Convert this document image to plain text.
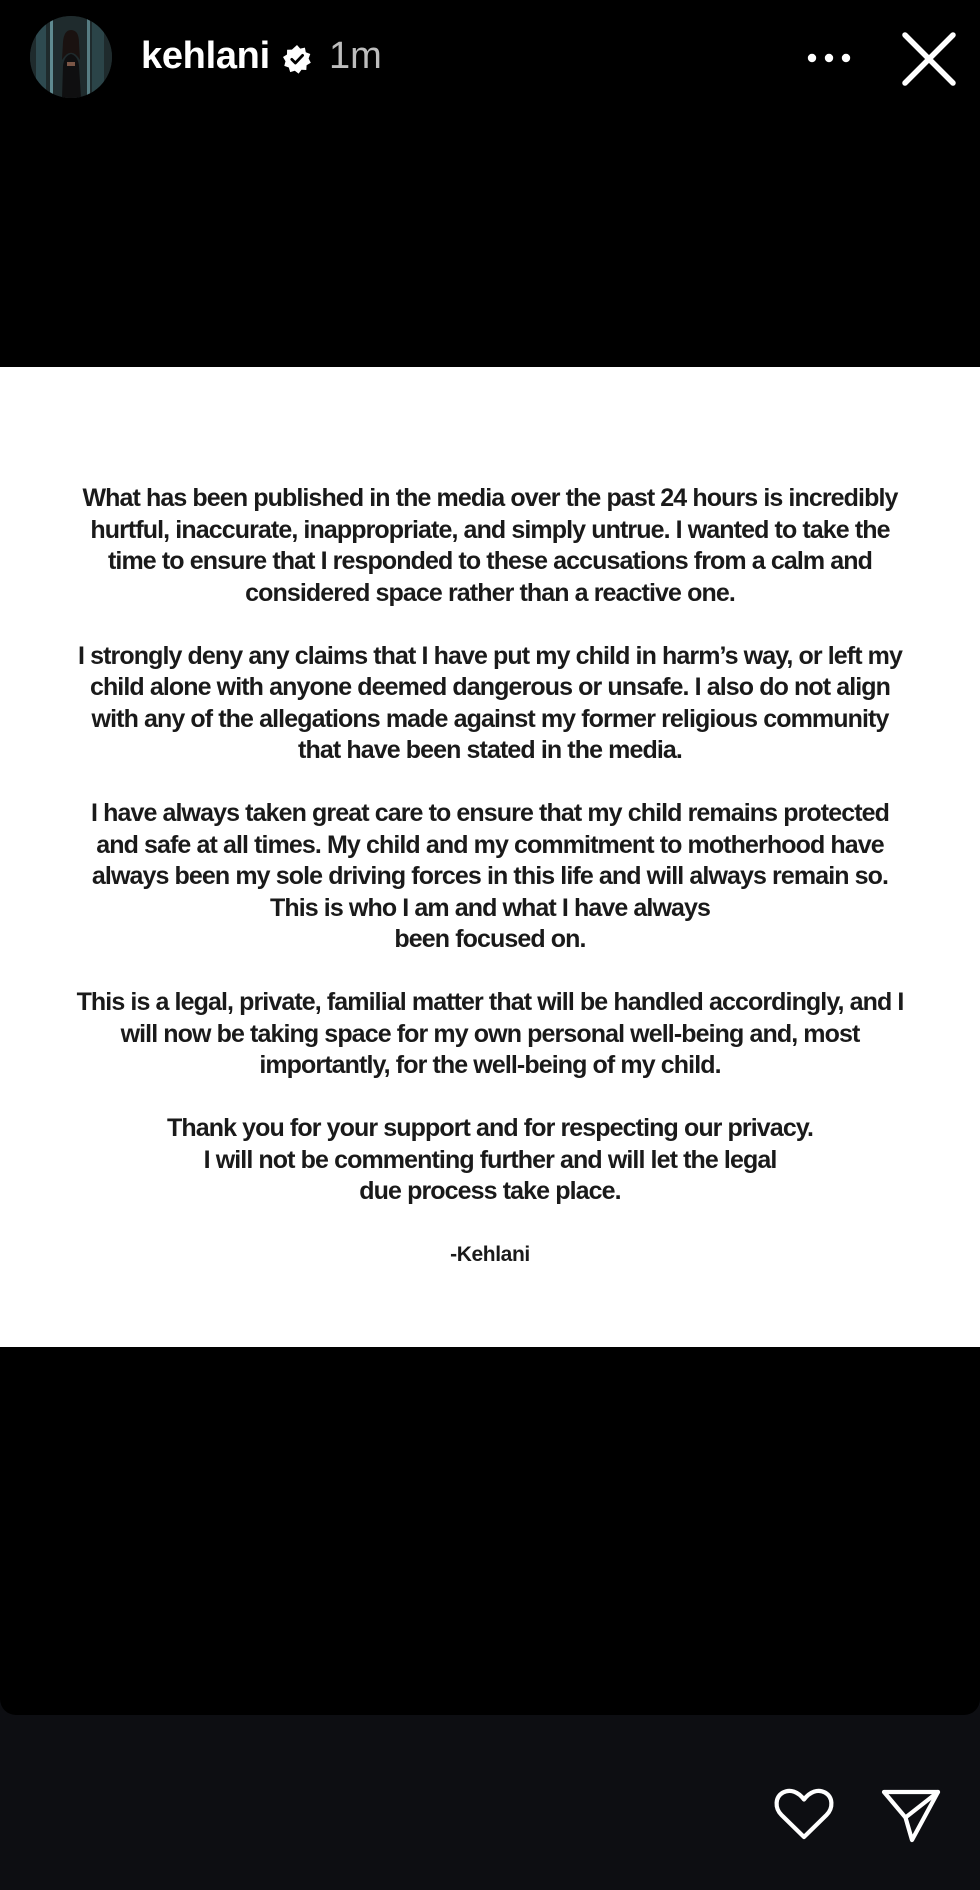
kehlani 1m

What has been published in the media over the past 24 hours is incredibly
hurtful, inaccurate, inappropriate, and simply untrue. I wanted to take the
time to ensure that I responded to these accusations from a calm and
considered space rather than a reactive one.

I strongly deny any claims that I have put my child in harm’s way, or left my
child alone with anyone deemed dangerous or unsafe. I also do not align
with any of the allegations made against my former religious community
that have been stated in the media.

I have always taken great care to ensure that my child remains protected
and safe at all times. My child and my commitment to motherhood have
always been my sole driving forces in this life and will always remain so.
This is who I am and what I have always
been focused on.

This is a legal, private, familial matter that will be handled accordingly, and I
will now be taking space for my own personal well-being and, most
importantly, for the well-being of my child.

Thank you for your support and for respecting our privacy.
I will not be commenting further and will let the legal
due process take place.

-Kehlani
